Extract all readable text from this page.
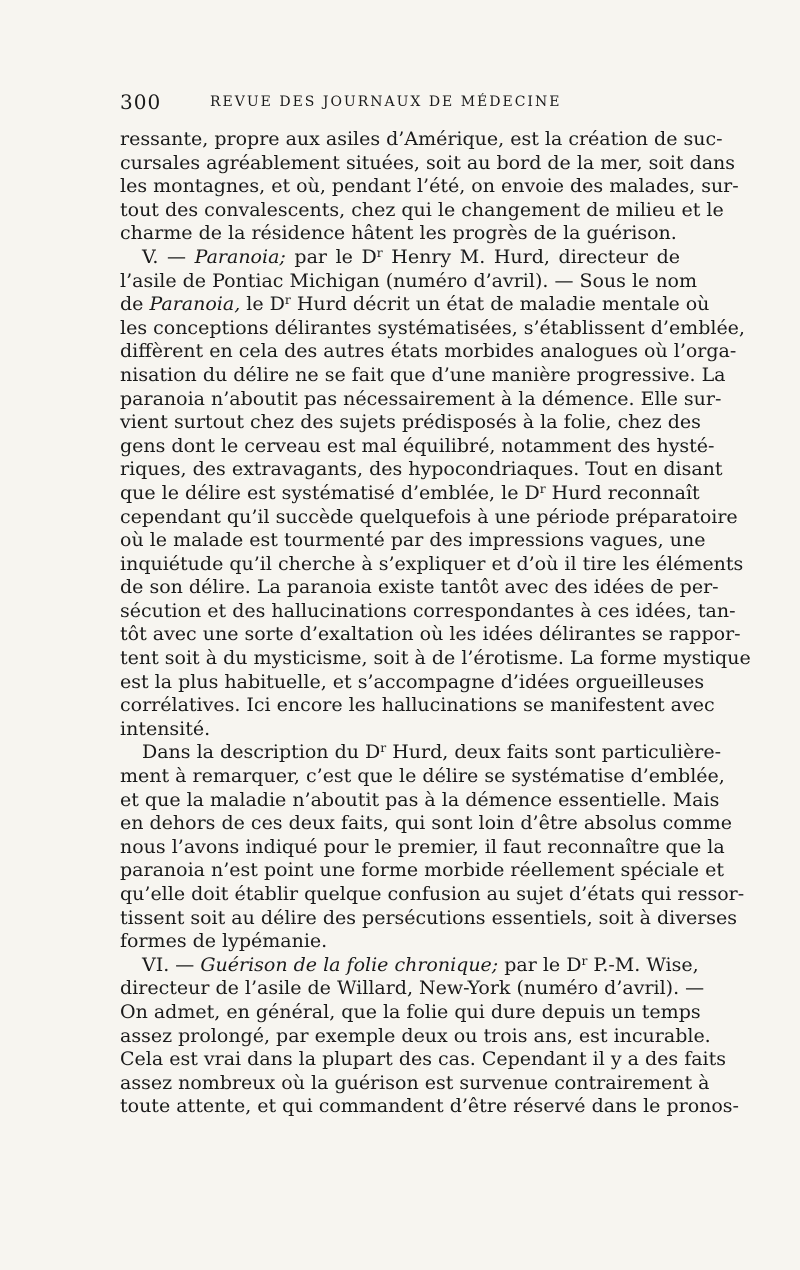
300	REVUE DES JOURNAUX DE MÉDECINE
ressante, propre aux asiles d’Amérique, est la création de suc-
cursales agréablement situées, soit au bord de la mer, soit dans
les montagnes, et où, pendant l’été, on envoie des malades, sur-
tout des convalescents, chez qui le changement de milieu et le
charme de la résidence hâtent les progrès de la guérison.
V. — Paranoia; par le $D^r$ Henry M. Hurd, directeur de
l’asile de Pontiac Michigan (numéro d’avril). — Sous le nom
de Paranoia, le $D^r$ Hurd décrit un état de maladie mentale où
les conceptions délirantes systématisées, s’établissent d’emblée,
diffèrent en cela des autres états morbides analogues où l’orga-
nisation du délire ne se fait que d’une manière progressive. La
paranoia n’aboutit pas nécessairement à la démence. Elle sur-
vient surtout chez des sujets prédisposés à la folie, chez des
gens dont le cerveau est mal équilibré, notamment des hysté-
riques, des extravagants, des hypocondriaques. Tout en disant
que le délire est systématisé d’emblée, le $D^r$ Hurd reconnaît
cependant qu’il succède quelquefois à une période préparatoire
où le malade est tourmenté par des impressions vagues, une
inquiétude qu’il cherche à s’expliquer et d’où il tire les éléments
de son délire. La paranoia existe tantôt avec des idées de per-
sécution et des hallucinations correspondantes à ces idées, tan-
tôt avec une sorte d’exaltation où les idées délirantes se rappor-
tent soit à du mysticisme, soit à de l’érotisme. La forme mystique
est la plus habituelle, et s’accompagne d’idées orgueilleuses
corrélatives. Ici encore les hallucinations se manifestent avec
intensité.
Dans la description du $D^r$ Hurd, deux faits sont particulière-
ment à remarquer, c’est que le délire se systématise d’emblée,
et que la maladie n’aboutit pas à la démence essentielle. Mais
en dehors de ces deux faits, qui sont loin d’être absolus comme
nous l’avons indiqué pour le premier, il faut reconnaître que la
paranoia n’est point une forme morbide réellement spéciale et
qu’elle doit établir quelque confusion au sujet d’états qui ressor-
tissent soit au délire des persécutions essentiels, soit à diverses
formes de lypémanie.
VI. — Guérison de la folie chronique; par le $D^r$ P.-M. Wise,
directeur de l’asile de Willard, New-York (numéro d’avril). —
On admet, en général, que la folie qui dure depuis un temps
assez prolongé, par exemple deux ou trois ans, est incurable.
Cela est vrai dans la plupart des cas. Cependant il y a des faits
assez nombreux où la guérison est survenue contrairement à
toute attente, et qui commandent d’être réservé dans le pronos-
